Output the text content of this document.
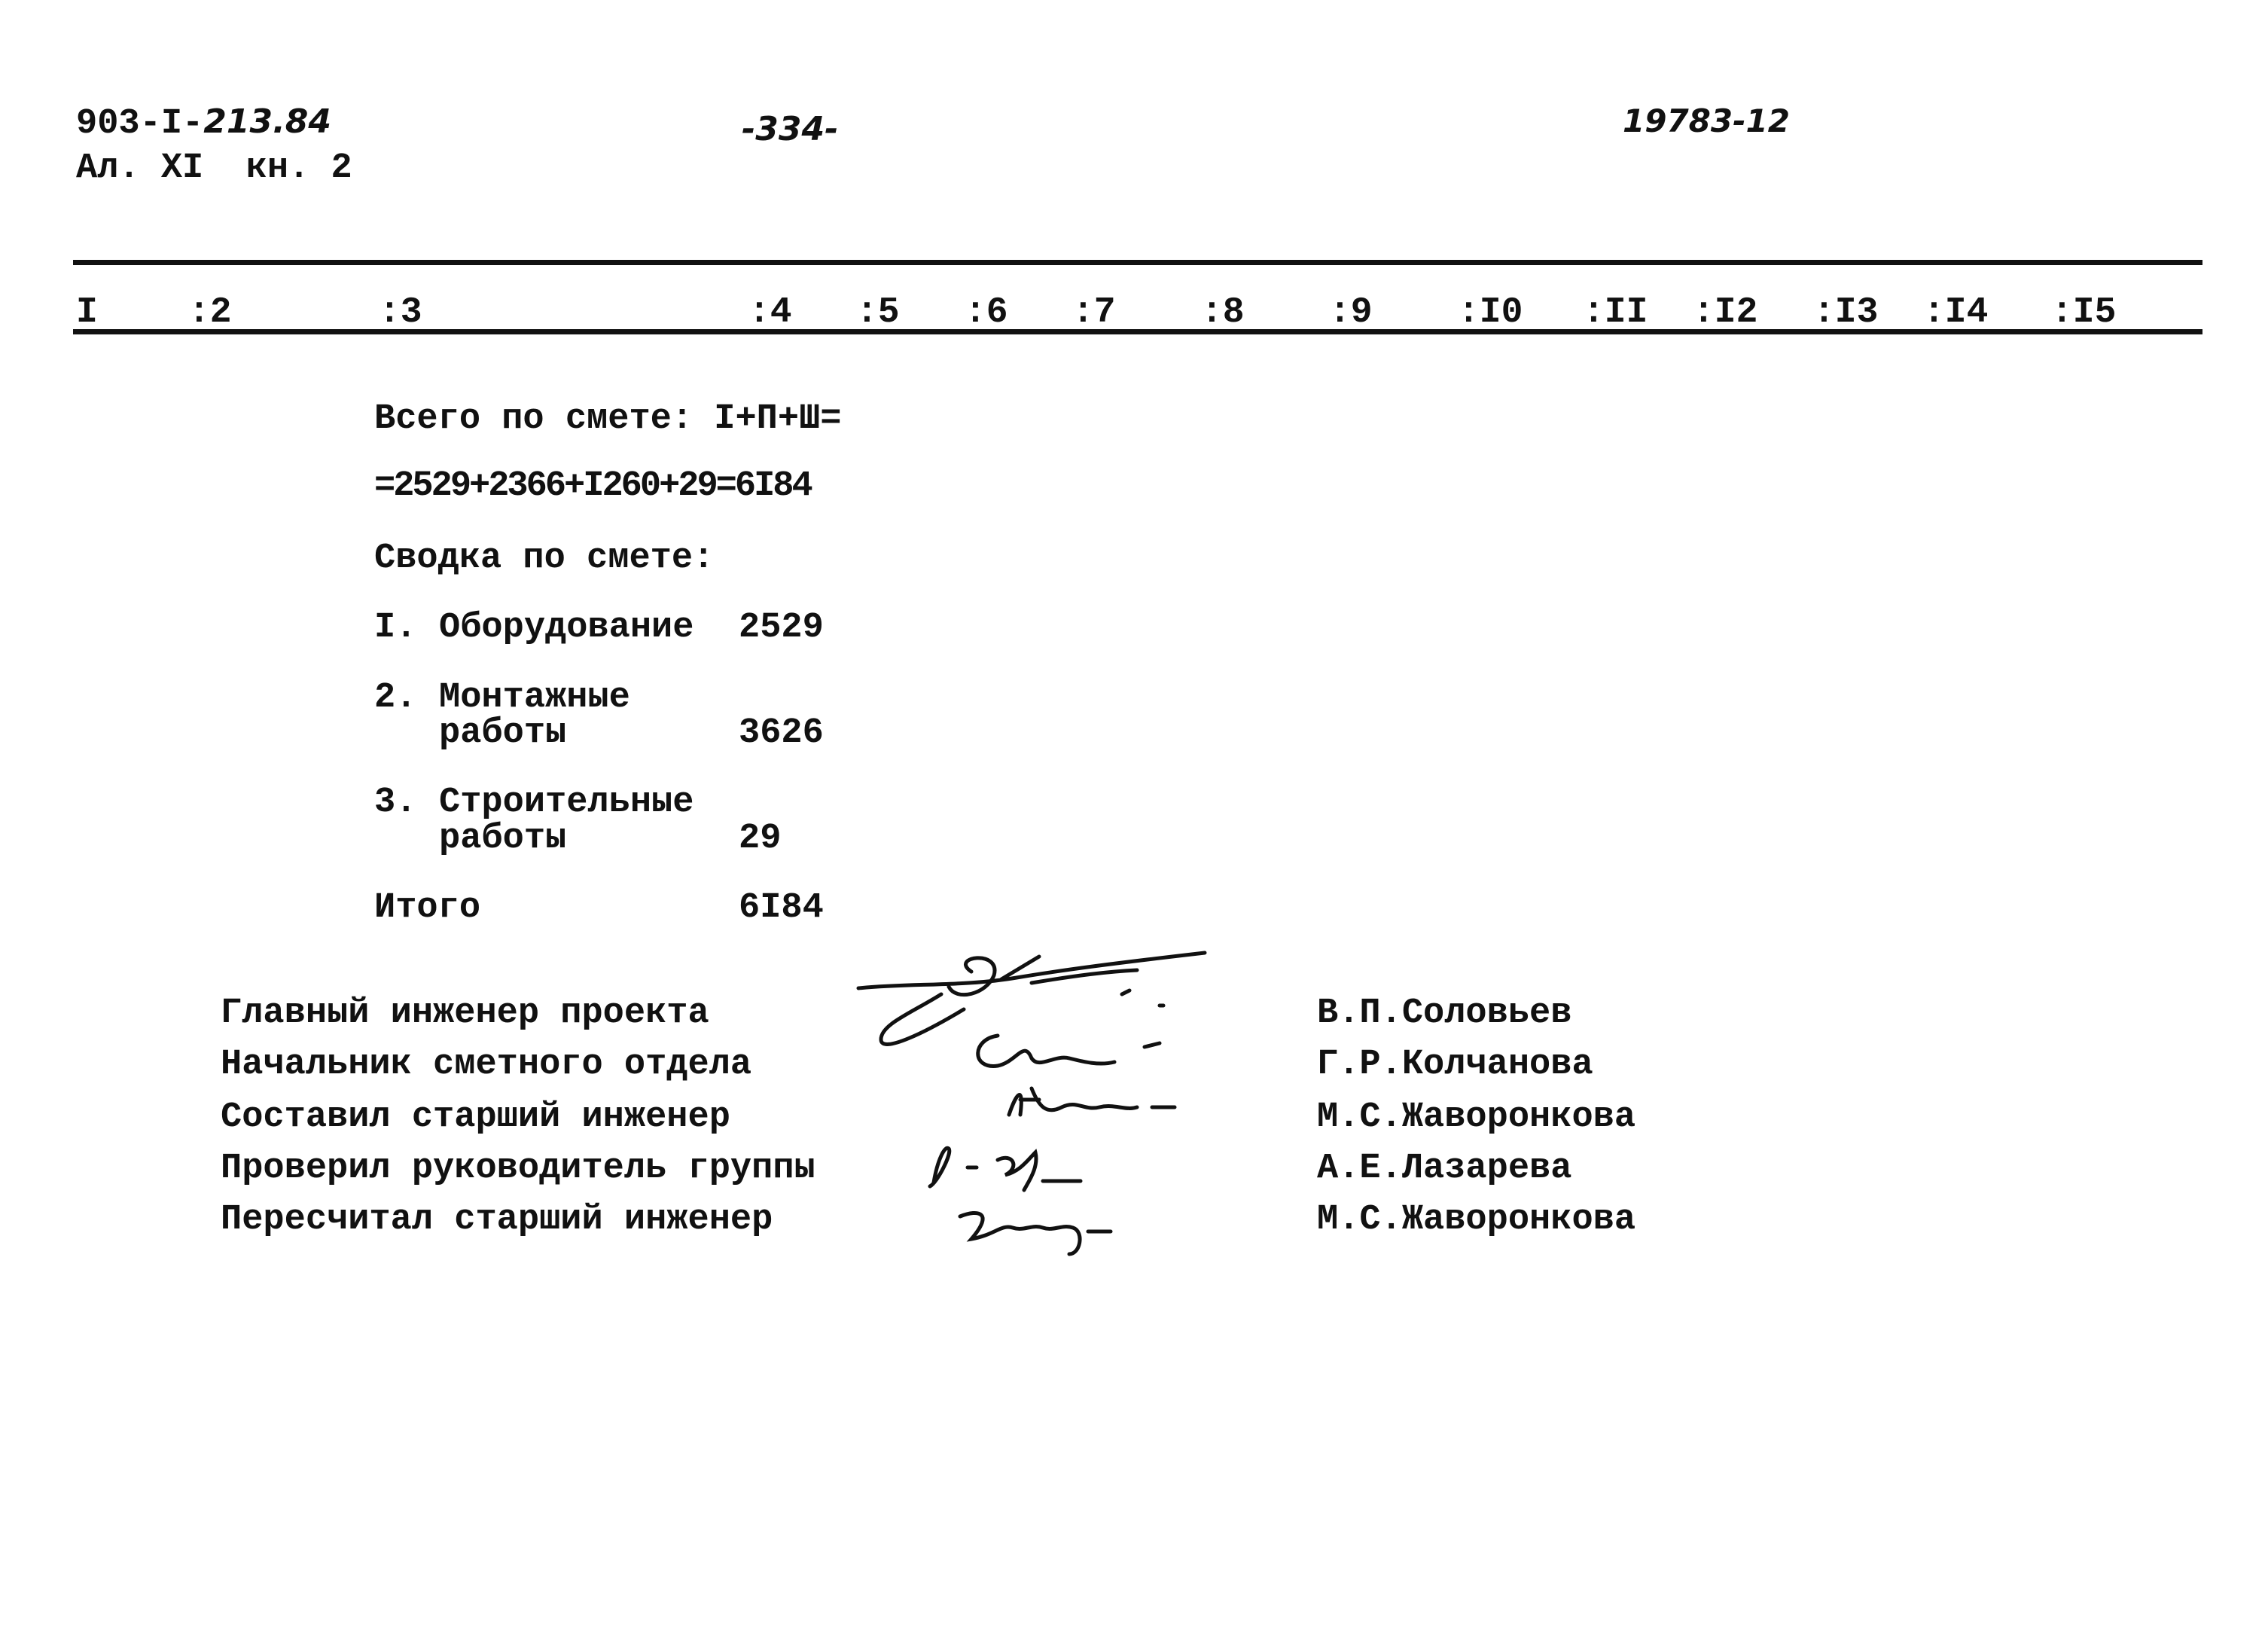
903-I-213.84
Ал. XI  кн. 2
-334-	19783-12
I	:2	:3	:4 :5 :6 :7 :8 :9 :I0 :II :I2 :I3 :I4 :I5
Всего по смете: I+П+Ш=
=2529+2366+I260+29=6I84
Сводка по смете:
I. Оборудование 2529
2. Монтажные
работы	3626
3. Строительные
работы	29
Итого	6I84
Главный инженер проекта	В.П.Соловьев
Начальник сметного отдела	Г.Р.Колчанова
Составил старший инженер	М.С.Жаворонкова
Проверил руководитель группы	А.Е.Лазарева
Пересчитал старший инженер	М.С.Жаворонкова
